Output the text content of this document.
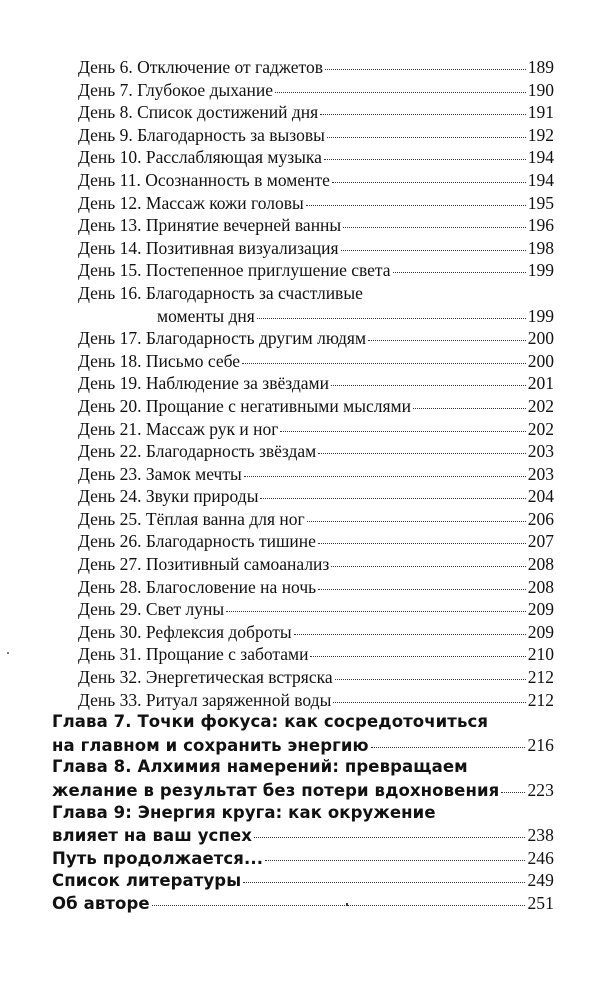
День 6. Отключение от гаджетов	189
День 7. Глубокое дыхание	190
День 8. Список достижений дня	191
День 9. Благодарность за вызовы	192
День 10. Расслабляющая музыка	194
День 11. Осознанность в моменте	194
День 12. Массаж кожи головы	195
День 13. Принятие вечерней ванны	196
День 14. Позитивная визуализация	198
День 15. Постепенное приглушение света	199
День 16. Благодарность за счастливые
моменты дня	199
День 17. Благодарность другим людям	200
День 18. Письмо себе	200
День 19. Наблюдение за звёздами	201
День 20. Прощание с негативными мыслями	202
День 21. Массаж рук и ног	202
День 22. Благодарность звёздам	203
День 23. Замок мечты	203
День 24. Звуки природы	204
День 25. Тёплая ванна для ног	206
День 26. Благодарность тишине	207
День 27. Позитивный самоанализ	208
День 28. Благословение на ночь	208
День 29. Свет луны	209
День 30. Рефлексия доброты	209
День 31. Прощание с заботами	210
День 32. Энергетическая встряска	212
День 33. Ритуал заряженной воды	212
Глава 7. Точки фокуса: как сосредоточиться
на главном и сохранить энергию	216
Глава 8. Алхимия намерений: превращаем
желание в результат без потери вдохновения 223
Глава 9: Энергия круга: как окружение
влияет на ваш успех	238
Путь продолжается...	246
Список литературы	249
Об авторе	251
